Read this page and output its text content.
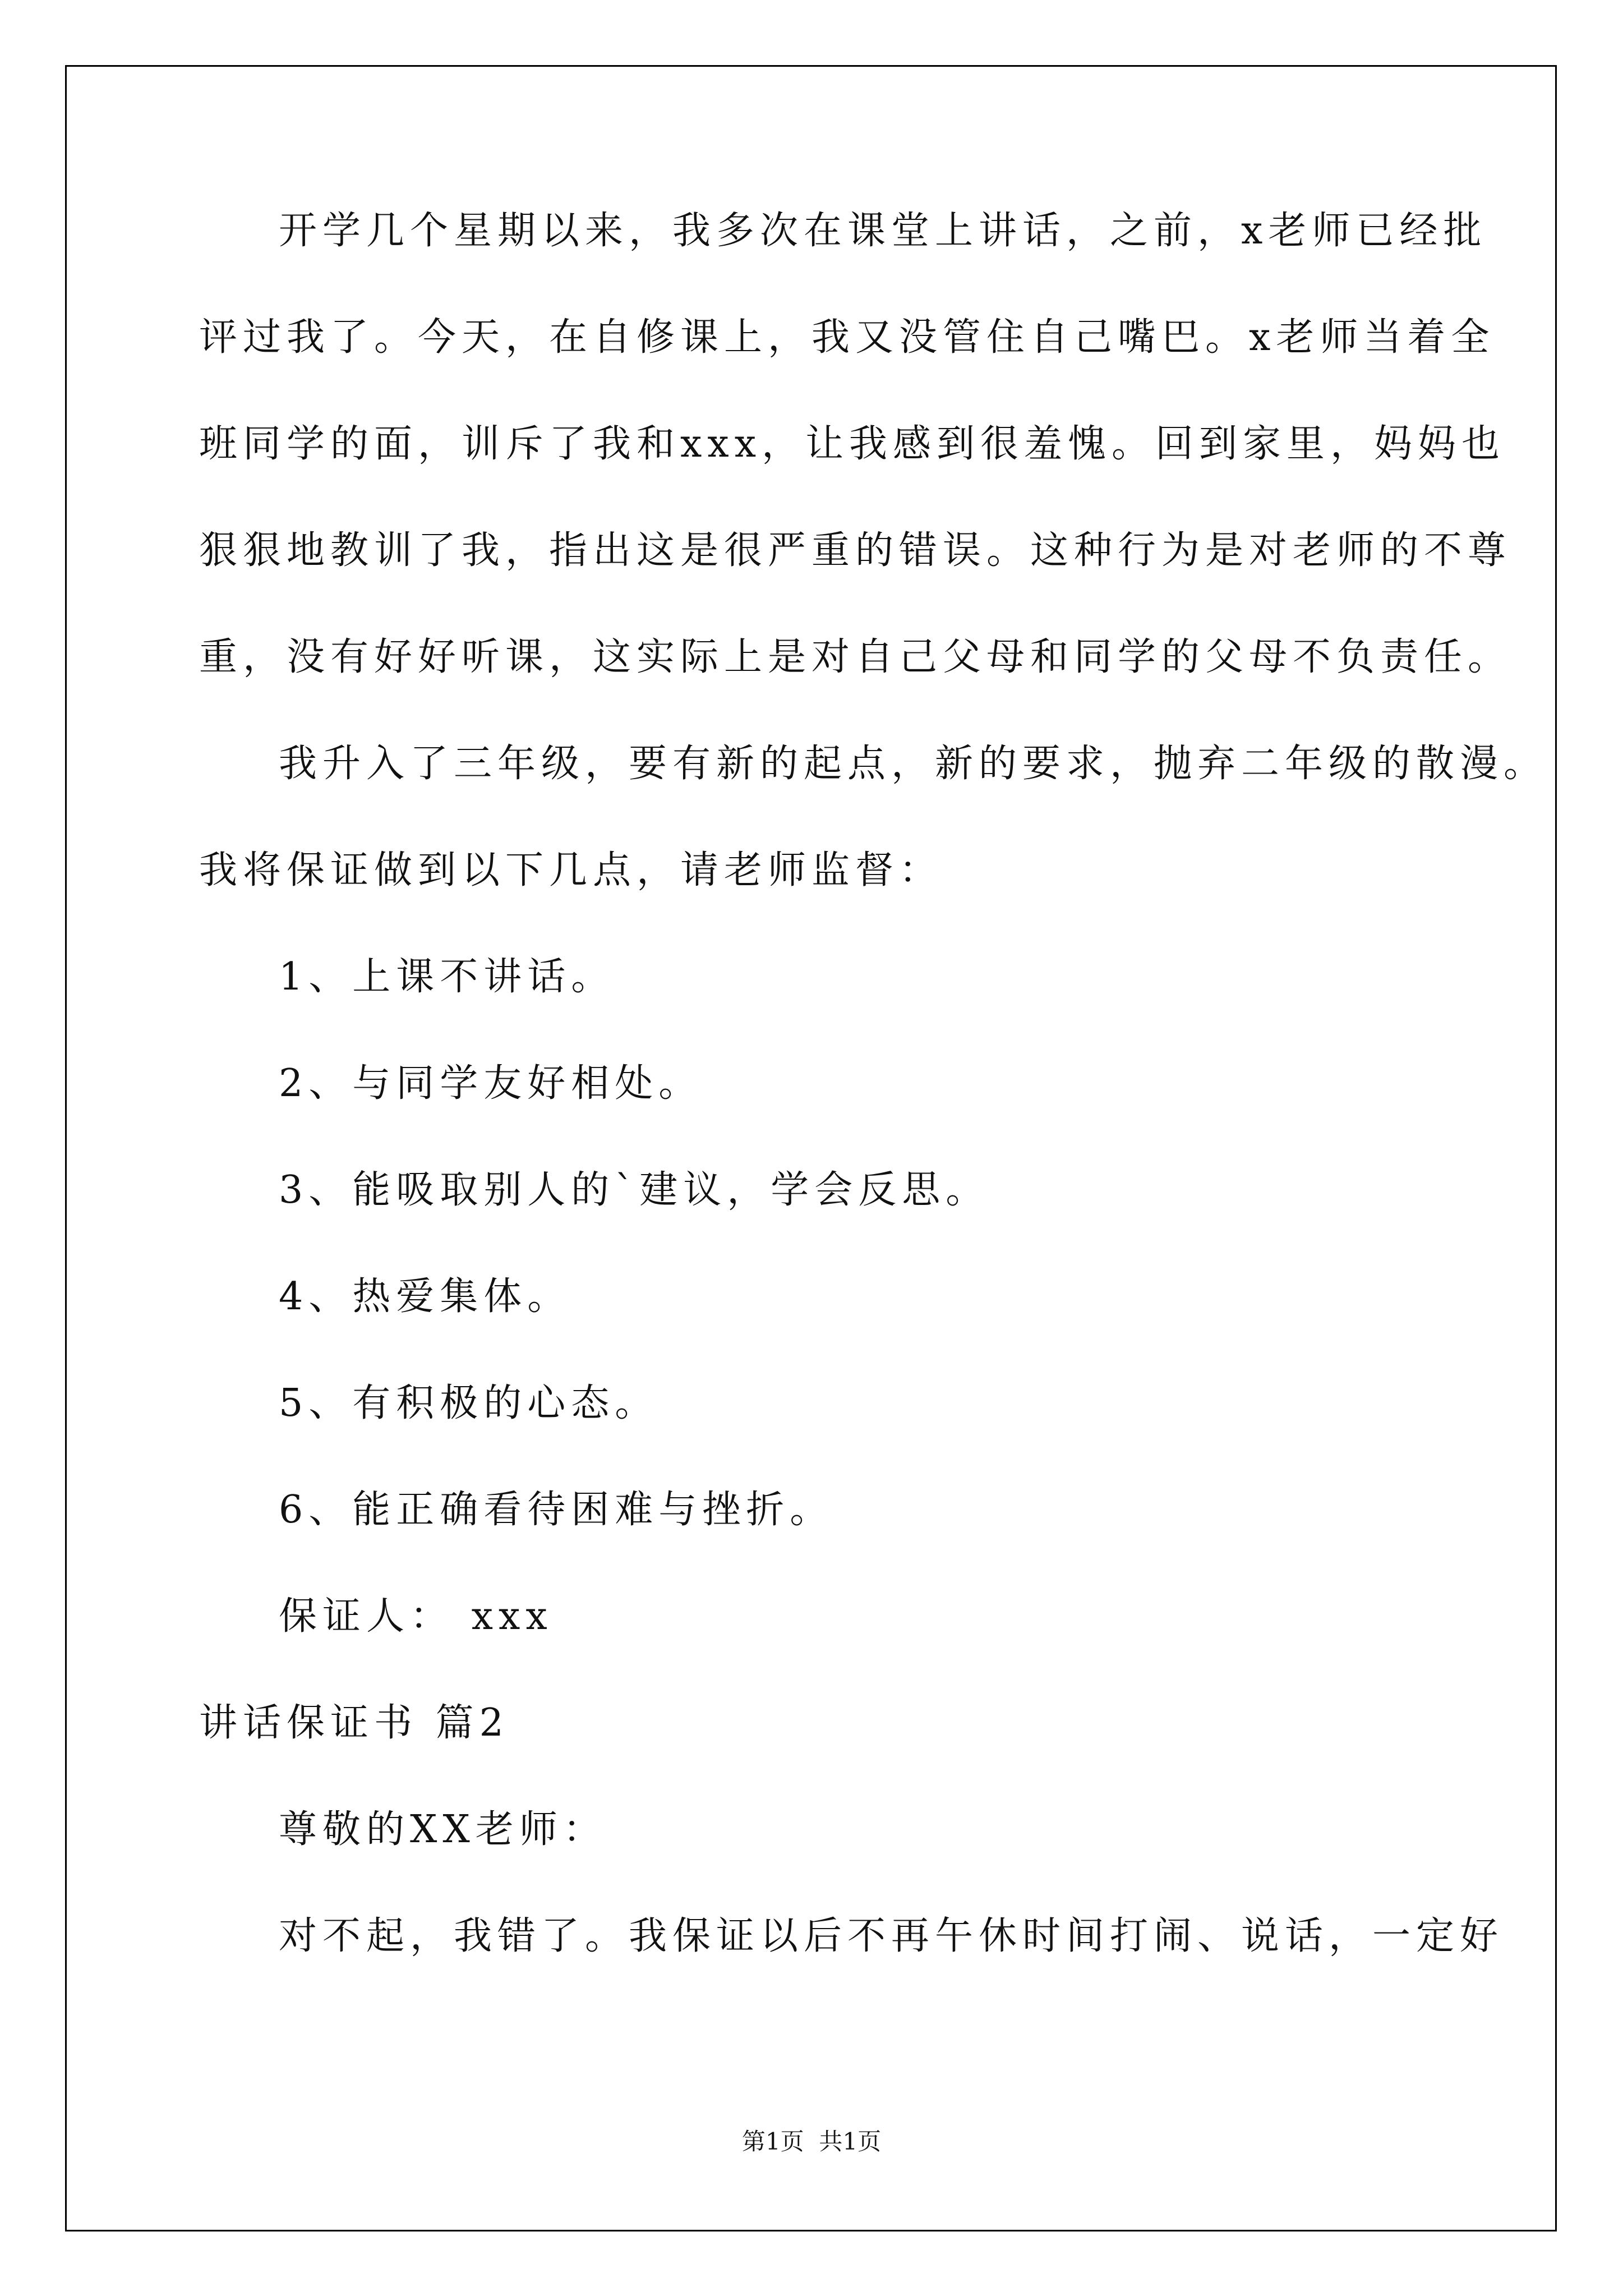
开学几个星期以来，我多次在课堂上讲话，之前，x老师已经批
评过我了。今天，在自修课上，我又没管住自己嘴巴。x老师当着全
班同学的面，训斥了我和xxx，让我感到很羞愧。回到家里，妈妈也
狠狠地教训了我，指出这是很严重的错误。这种行为是对老师的不尊
重，没有好好听课，这实际上是对自己父母和同学的父母不负责任。
我升入了三年级，要有新的起点，新的要求，抛弃二年级的散漫。
我将保证做到以下几点，请老师监督：
1、上课不讲话。
2、与同学友好相处。
3、能吸取别人的`建议，学会反思。
4、热爱集体。
5、有积极的心态。
6、能正确看待困难与挫折。
保证人： xxx
讲话保证书 篇2
尊敬的XX老师：
对不起，我错了。我保证以后不再午休时间打闹、说话，一定好
第1页  共1页
